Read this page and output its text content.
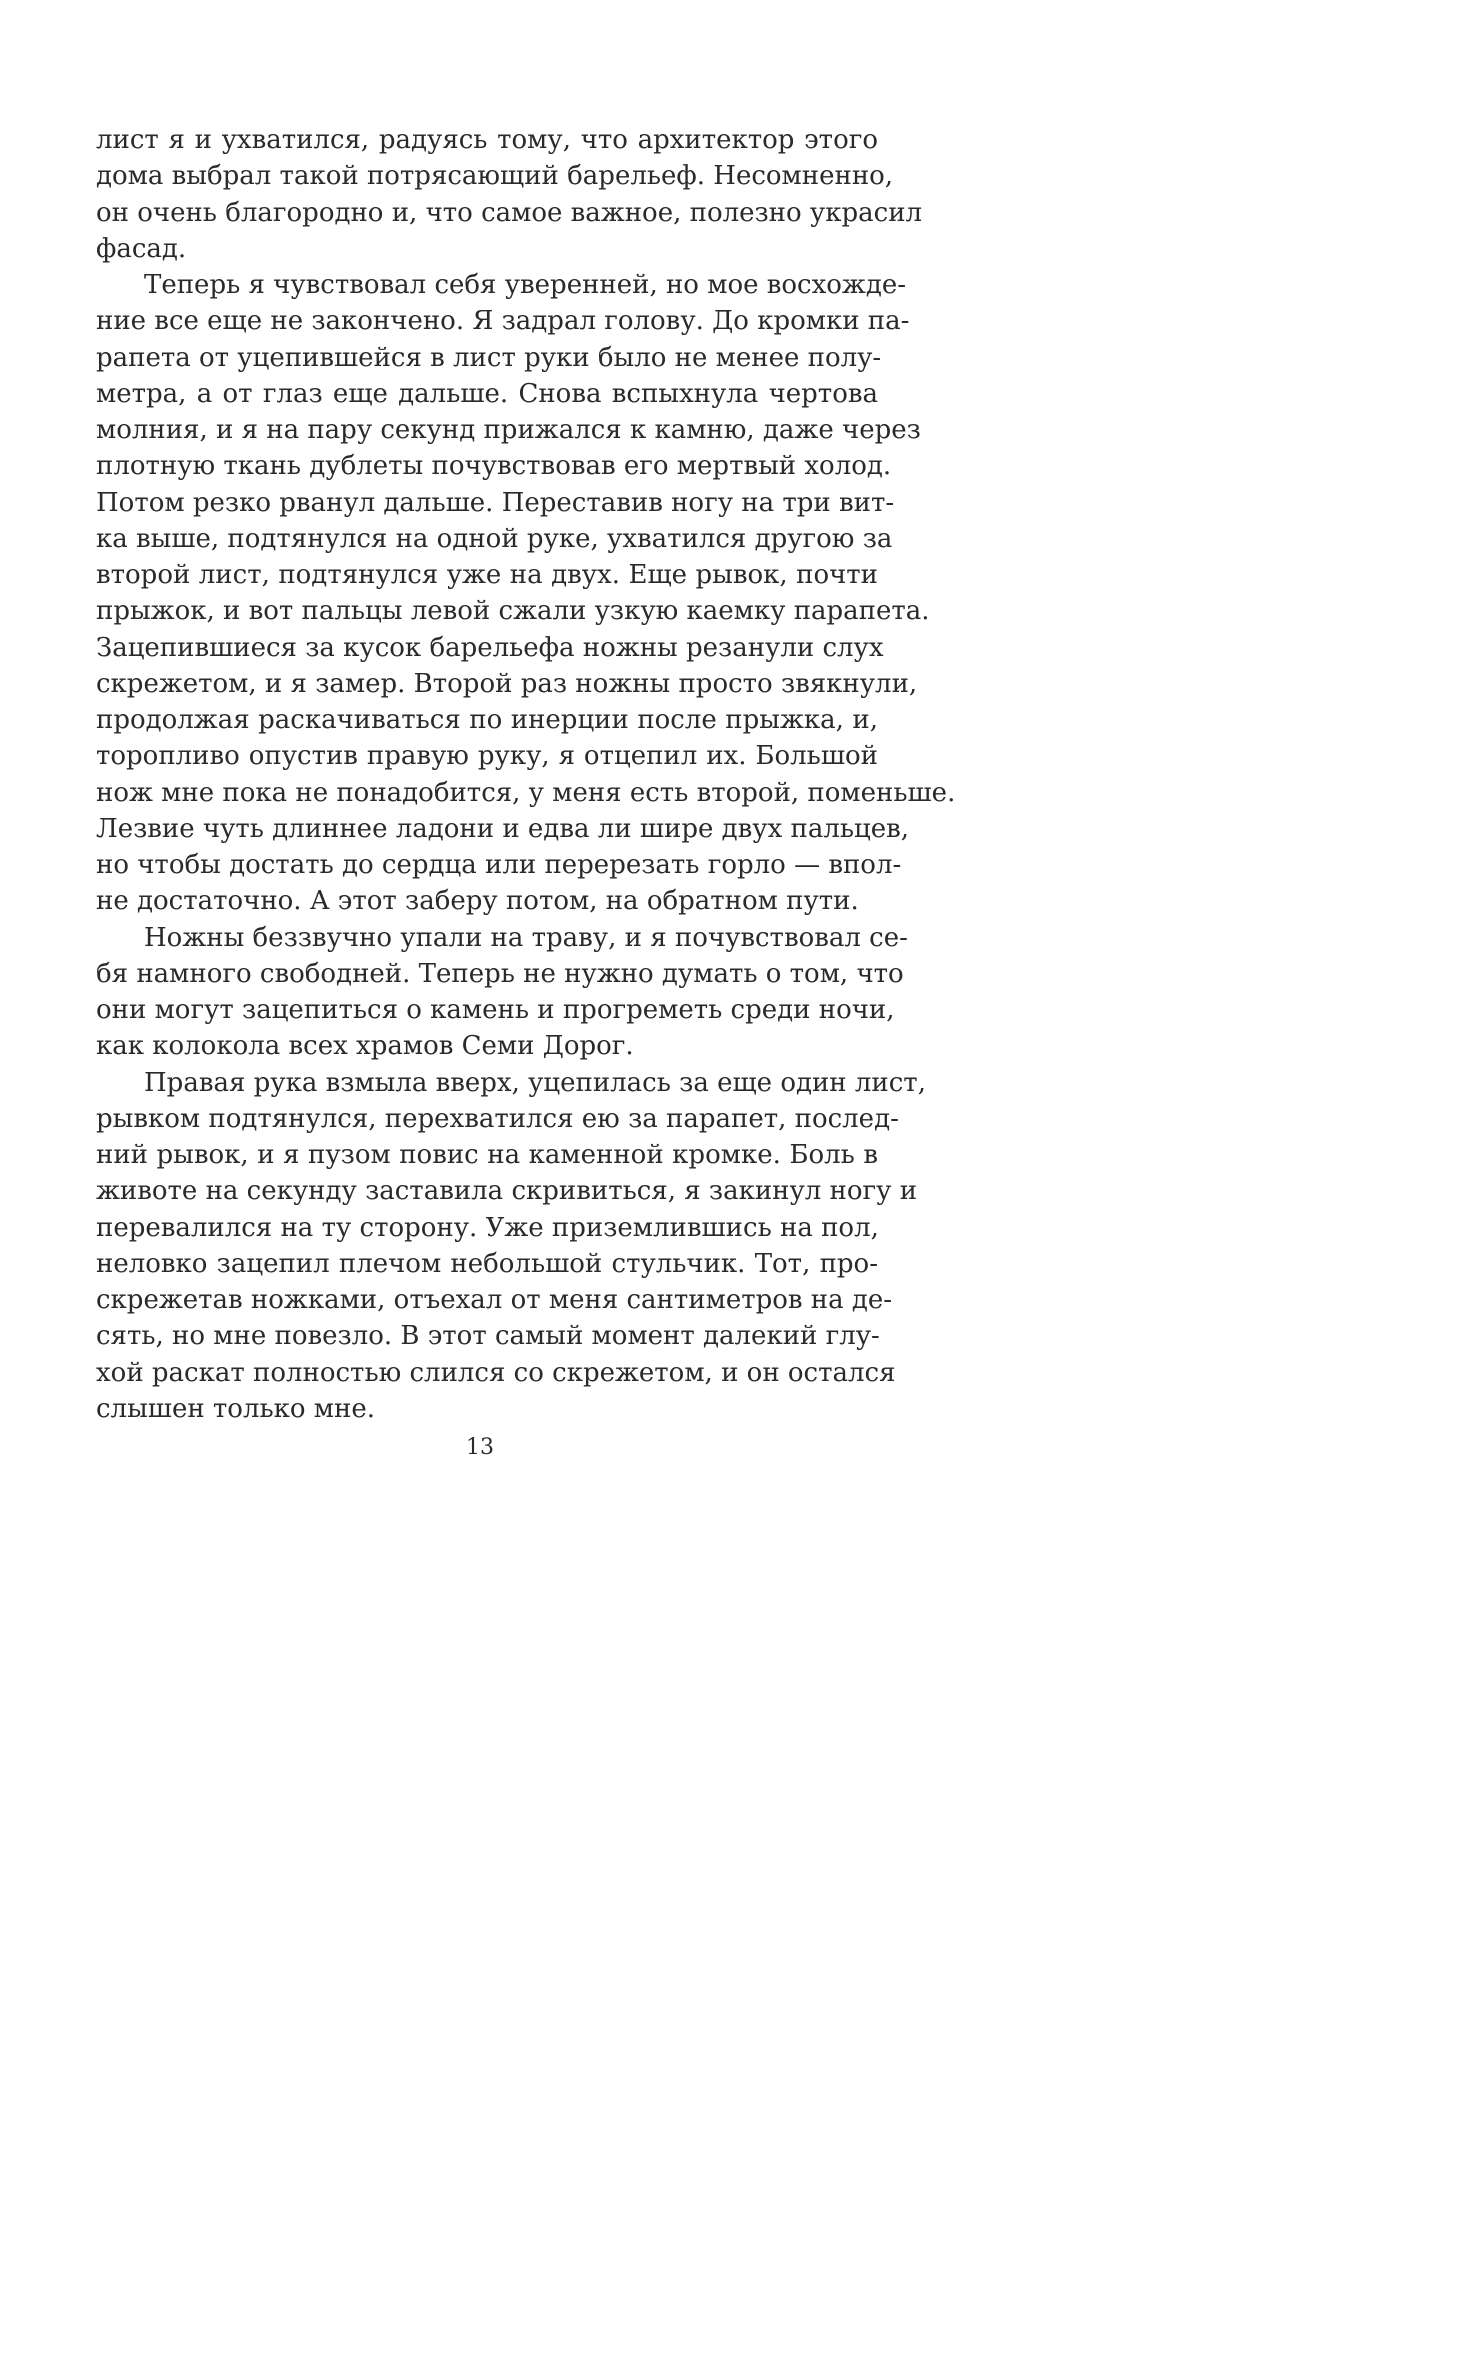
лист я и ухватился, радуясь тому, что архитектор этого
дома выбрал такой потрясающий барельеф. Несомненно,
он очень благородно и, что самое важное, полезно украсил
фасад.
Теперь я чувствовал себя уверенней, но мое восхожде-
ние все еще не закончено. Я задрал голову. До кромки па-
рапета от уцепившейся в лист руки было не менее полу-
метра, а от глаз еще дальше. Снова вспыхнула чертова
молния, и я на пару секунд прижался к камню, даже через
плотную ткань дублеты почувствовав его мертвый холод.
Потом резко рванул дальше. Переставив ногу на три вит-
ка выше, подтянулся на одной руке, ухватился другою за
второй лист, подтянулся уже на двух. Еще рывок, почти
прыжок, и вот пальцы левой сжали узкую каемку парапета.
Зацепившиеся за кусок барельефа ножны резанули слух
скрежетом, и я замер. Второй раз ножны просто звякнули,
продолжая раскачиваться по инерции после прыжка, и,
торопливо опустив правую руку, я отцепил их. Большой
нож мне пока не понадобится, у меня есть второй, поменьше.
Лезвие чуть длиннее ладони и едва ли шире двух пальцев,
но чтобы достать до сердца или перерезать горло — впол-
не достаточно. А этот заберу потом, на обратном пути.
Ножны беззвучно упали на траву, и я почувствовал се-
бя намного свободней. Теперь не нужно думать о том, что
они могут зацепиться о камень и прогреметь среди ночи,
как колокола всех храмов Семи Дорог.
Правая рука взмыла вверх, уцепилась за еще один лист,
рывком подтянулся, перехватился ею за парапет, послед-
ний рывок, и я пузом повис на каменной кромке. Боль в
животе на секунду заставила скривиться, я закинул ногу и
перевалился на ту сторону. Уже приземлившись на пол,
неловко зацепил плечом небольшой стульчик. Тот, про-
скрежетав ножками, отъехал от меня сантиметров на де-
сять, но мне повезло. В этот самый момент далекий глу-
хой раскат полностью слился со скрежетом, и он остался
слышен только мне.
13
